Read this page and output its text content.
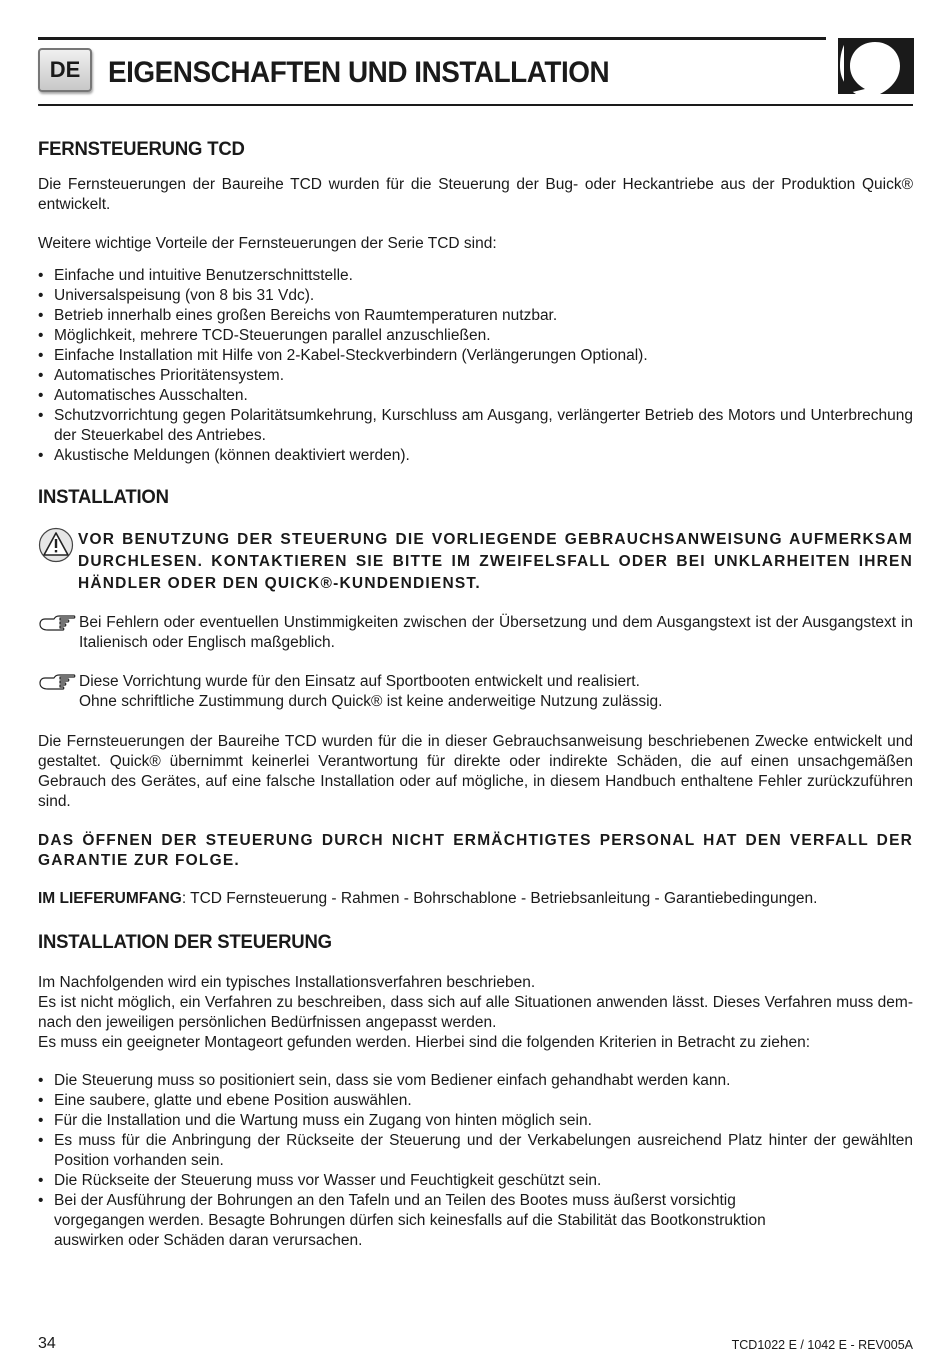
DE EIGENSCHAFTEN UND INSTALLATION
FERNSTEUERUNG TCD

Die Fernsteuerungen der Baureihe TCD wurden für die Steuerung der Bug- oder Heckantriebe aus der Produktion Quick® entwickelt.

Weitere wichtige Vorteile der Fernsteuerungen der Serie TCD sind:

• Einfache und intuitive Benutzerschnittstelle.
• Universalspeisung (von 8 bis 31 Vdc).
• Betrieb innerhalb eines großen Bereichs von Raumtemperaturen nutzbar.
• Möglichkeit, mehrere TCD-Steuerungen parallel anzuschließen.
• Einfache Installation mit Hilfe von 2-Kabel-Steckverbindern (Verlängerungen Optional).
• Automatisches Prioritätensystem.
• Automatisches Ausschalten.
• Schutzvorrichtung gegen Polaritätsumkehrung, Kurschluss am Ausgang, verlängerter Betrieb des Motors und Unterbrechung der Steuerkabel des Antriebes.
• Akustische Meldungen (können deaktiviert werden).
INSTALLATION
VOR BENUTZUNG DER STEUERUNG DIE VORLIEGENDE GEBRAUCHSANWEISUNG AUFMERKSAM DURCHLESEN. KONTAKTIEREN SIE BITTE IM ZWEIFELSFALL ODER BEI UNKLARHEITEN IHREN HÄNDLER ODER DEN QUICK®-KUNDENDIENST.
Bei Fehlern oder eventuellen Unstimmigkeiten zwischen der Übersetzung und dem Ausgangstext ist der Ausgangstext in Italienisch oder Englisch maßgeblich.
Diese Vorrichtung wurde für den Einsatz auf Sportbooten entwickelt und realisiert.
Ohne schriftliche Zustimmung durch Quick® ist keine anderweitige Nutzung zulässig.

Die Fernsteuerungen der Baureihe TCD wurden für die in dieser Gebrauchsanweisung beschriebenen Zwecke entwickelt und gestaltet. Quick® übernimmt keinerlei Verantwortung für direkte oder indirekte Schäden, die auf einen unsachgemäßen Gebrauch des Gerätes, auf eine falsche Installation oder auf mögliche, in diesem Handbuch enthaltene Fehler zurückzuführen sind.

DAS ÖFFNEN DER STEUERUNG DURCH NICHT ERMÄCHTIGTES PERSONAL HAT DEN VERFALL DER GARANTIE ZUR FOLGE.

IM LIEFERUMFANG: TCD Fernsteuerung - Rahmen - Bohrschablone - Betriebsanleitung - Garantiebedingungen.

INSTALLATION DER STEUERUNG

Im Nachfolgenden wird ein typisches Installationsverfahren beschrieben.

Es ist nicht möglich, ein Verfahren zu beschreiben, dass sich auf alle Situationen anwenden lässt. Dieses Verfahren muss dem-nach den jeweiligen persönlichen Bedürfnissen angepasst werden.

Es muss ein geeigneter Montageort gefunden werden. Hierbei sind die folgenden Kriterien in Betracht zu ziehen:

• Die Steuerung muss so positioniert sein, dass sie vom Bediener einfach gehandhabt werden kann.
• Eine saubere, glatte und ebene Position auswählen.
• Für die Installation und die Wartung muss ein Zugang von hinten möglich sein.
• Es muss für die Anbringung der Rückseite der Steuerung und der Verkabelungen ausreichend Platz hinter der gewählten Position vorhanden sein.
• Die Rückseite der Steuerung muss vor Wasser und Feuchtigkeit geschützt sein.
• Bei der Ausführung der Bohrungen an den Tafeln und an Teilen des Bootes muss äußerst vorsichtig
vorgegangen werden. Besagte Bohrungen dürfen sich keinesfalls auf die Stabilität das Bootkonstruktion
auswirken oder Schäden daran verursachen.
34	TCD1022 E / 1042 E - REV005A
